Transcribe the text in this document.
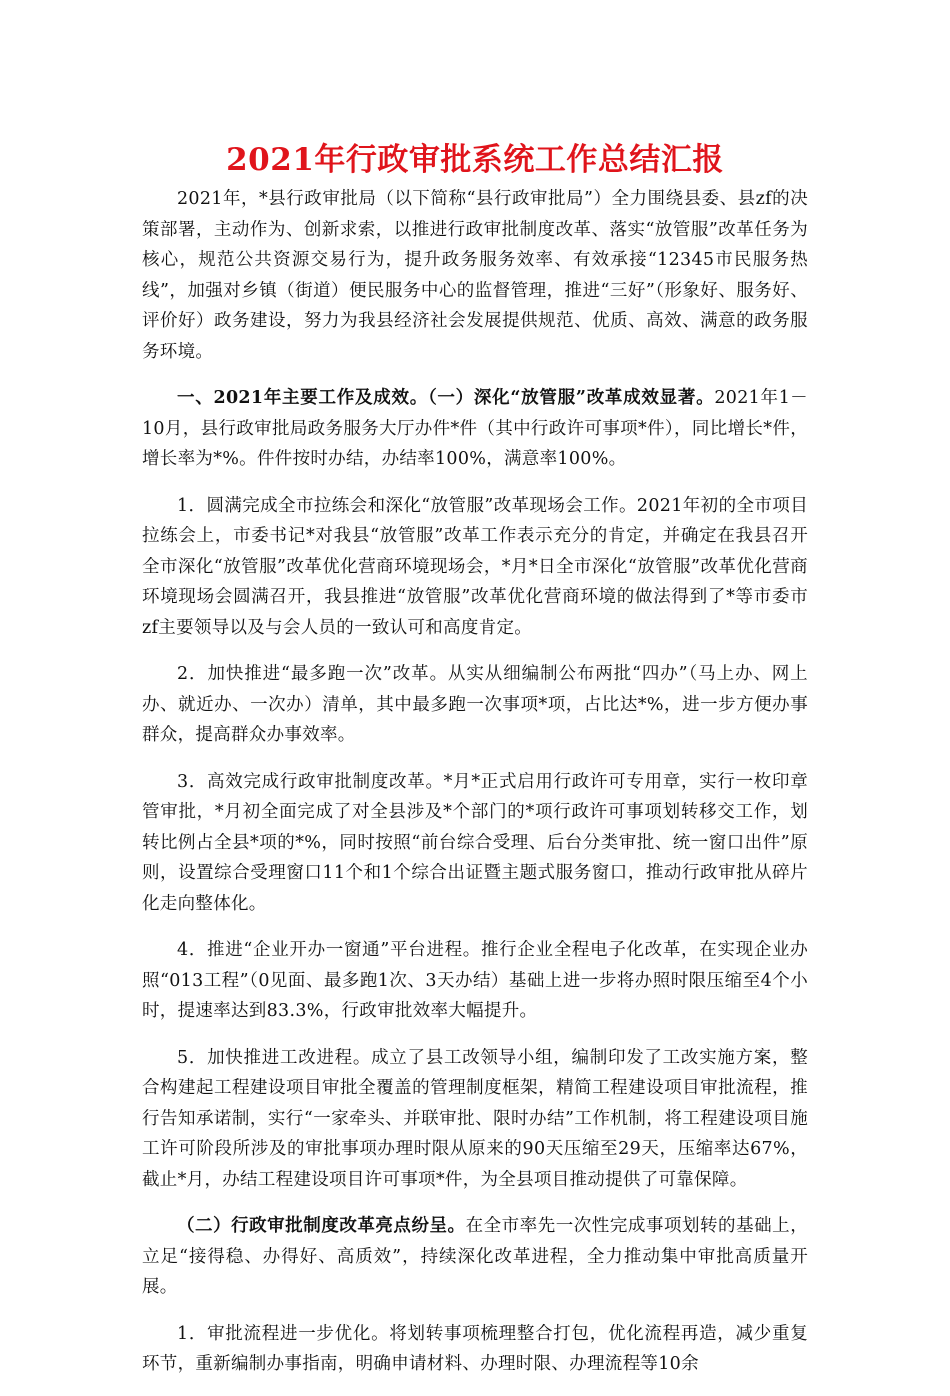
2021年行政审批系统工作总结汇报

2021年，*县行政审批局（以下简称“县行政审批局”）全力围绕县委、县zf的决策部署，主动作为、创新求索，以推进行政审批制度改革、落实“放管服”改革任务为核心，规范公共资源交易行为，提升政务服务效率、有效承接“12345市民服务热线”，加强对乡镇（街道）便民服务中心的监督管理，推进“三好”（形象好、服务好、评价好）政务建设，努力为我县经济社会发展提供规范、优质、高效、满意的政务服务环境。

一、2021年主要工作及成效。（一）深化“放管服”改革成效显著。2021年1－10月，县行政审批局政务服务大厅办件*件（其中行政许可事项*件），同比增长*件，增长率为*%。件件按时办结，办结率100%，满意率100%。

1．圆满完成全市拉练会和深化“放管服”改革现场会工作。2021年初的全市项目拉练会上，市委书记*对我县“放管服”改革工作表示充分的肯定，并确定在我县召开全市深化“放管服”改革优化营商环境现场会，*月*日全市深化“放管服”改革优化营商环境现场会圆满召开，我县推进“放管服”改革优化营商环境的做法得到了*等市委市zf主要领导以及与会人员的一致认可和高度肯定。

2．加快推进“最多跑一次”改革。从实从细编制公布两批“四办”（马上办、网上办、就近办、一次办）清单，其中最多跑一次事项*项，占比达*%，进一步方便办事群众，提高群众办事效率。

3．高效完成行政审批制度改革。*月*正式启用行政许可专用章，实行一枚印章管审批，*月初全面完成了对全县涉及*个部门的*项行政许可事项划转移交工作，划转比例占全县*项的*%，同时按照“前台综合受理、后台分类审批、统一窗口出件”原则，设置综合受理窗口11个和1个综合出证暨主题式服务窗口，推动行政审批从碎片化走向整体化。

4．推进“企业开办一窗通”平台进程。推行企业全程电子化改革，在实现企业办照“013工程”（0见面、最多跑1次、3天办结）基础上进一步将办照时限压缩至4个小时，提速率达到83.3%，行政审批效率大幅提升。

5．加快推进工改进程。成立了县工改领导小组，编制印发了工改实施方案，整合构建起工程建设项目审批全覆盖的管理制度框架，精简工程建设项目审批流程，推行告知承诺制，实行“一家牵头、并联审批、限时办结”工作机制，将工程建设项目施工许可阶段所涉及的审批事项办理时限从原来的90天压缩至29天，压缩率达67%，截止*月，办结工程建设项目许可事项*件，为全县项目推动提供了可靠保障。

（二）行政审批制度改革亮点纷呈。在全市率先一次性完成事项划转的基础上，立足“接得稳、办得好、高质效”，持续深化改革进程，全力推动集中审批高质量开展。

1．审批流程进一步优化。将划转事项梳理整合打包，优化流程再造，减少重复环节，重新编制办事指南，明确申请材料、办理时限、办理流程等10余
